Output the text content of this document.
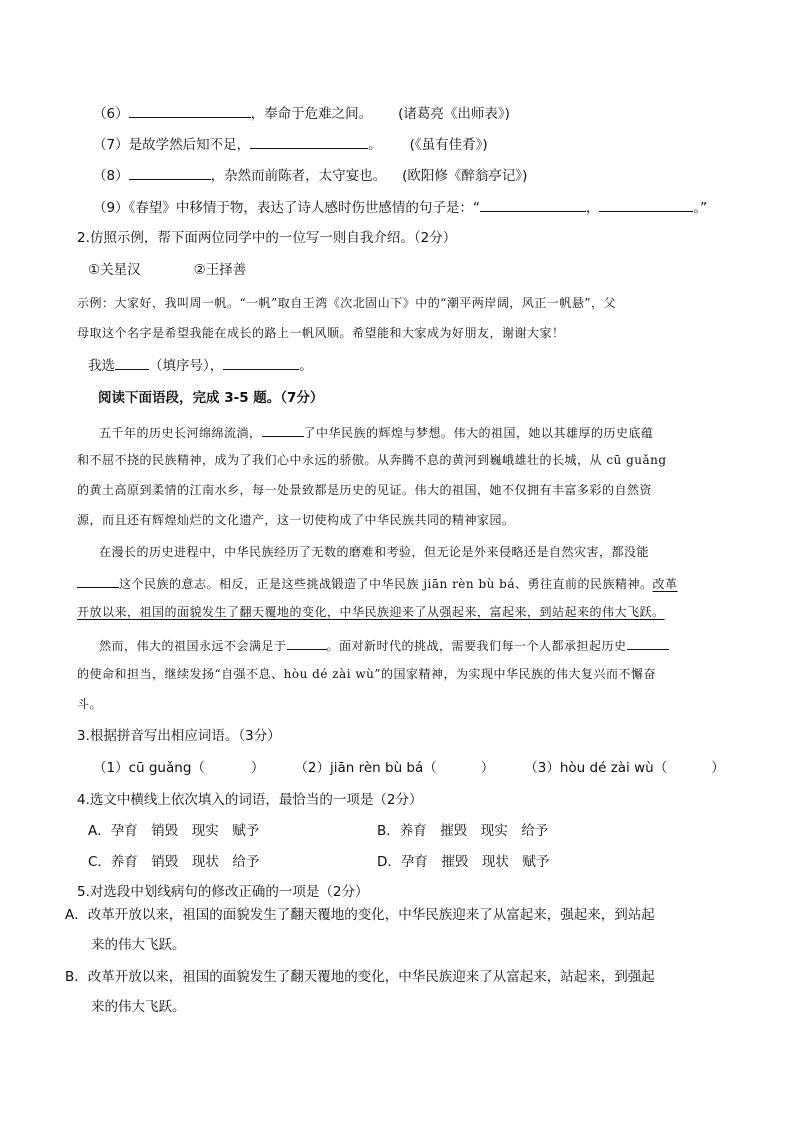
（6）	，奉命于危难之间。 (诸葛亮《出师表》)
（7）是故学然后知不足，	。 (《虽有佳肴》)
（8）	，杂然而前陈者，太守宴也。 (欧阳修《醉翁亭记》)
（9）《春望》中移情于物，表达了诗人感时伤世感情的句子是：“	，	。”
2.仿照示例，帮下面两位同学中的一位写一则自我介绍。（2分）
①关星汉	②王择善
示例：大家好，我叫周一帆。“一帆”取自王湾《次北固山下》中的“潮平两岸阔，风正一帆悬”，父
母取这个名字是希望我能在成长的路上一帆风顺。希望能和大家成为好朋友，谢谢大家！
我选	（填序号），	。
阅读下面语段，完成 3-5 题。（7分）
五千年的历史长河绵绵流淌，	了中华民族的辉煌与梦想。伟大的祖国，她以其雄厚的历史底蕴
和不屈不挠的民族精神，成为了我们心中永远的骄傲。从奔腾不息的黄河到巍峨雄壮的长城，从 cū guǎng
的黄土高原到柔情的江南水乡，每一处景致都是历史的见证。伟大的祖国，她不仅拥有丰富多彩的自然资
源，而且还有辉煌灿烂的文化遗产，这一切使构成了中华民族共同的精神家园。
在漫长的历史进程中，中华民族经历了无数的磨难和考验，但无论是外来侵略还是自然灾害，都没能
这个民族的意志。相反，正是这些挑战锻造了中华民族 jiān rèn bù bá、勇往直前的民族精神。改革
开放以来，祖国的面貌发生了翻天覆地的变化，中华民族迎来了从强起来，富起来，到站起来的伟大飞跃。
然而，伟大的祖国永远不会满足于	。面对新时代的挑战，需要我们每一个人都承担起历史
的使命和担当，继续发扬“自强不息、hòu dé zài wù”的国家精神，为实现中华民族的伟大复兴而不懈奋
斗。
3.根据拼音写出相应词语。（3分）
（1）cū guǎng（	） （2）jiān rèn bù bá（	） （3）hòu dé zài wù（	）
4.选文中横线上依次填入的词语，最恰当的一项是（2分）
A．孕育　销毁　现实　赋予	B．养育　摧毁　现实　给予
C．养育　销毁　现状　给予	D．孕育　摧毁　现状　赋予
5.对选段中划线病句的修改正确的一项是（2分）
A．改革开放以来，祖国的面貌发生了翻天覆地的变化，中华民族迎来了从富起来，强起来，到站起
来的伟大飞跃。
B．改革开放以来，祖国的面貌发生了翻天覆地的变化，中华民族迎来了从富起来，站起来，到强起
来的伟大飞跃。
